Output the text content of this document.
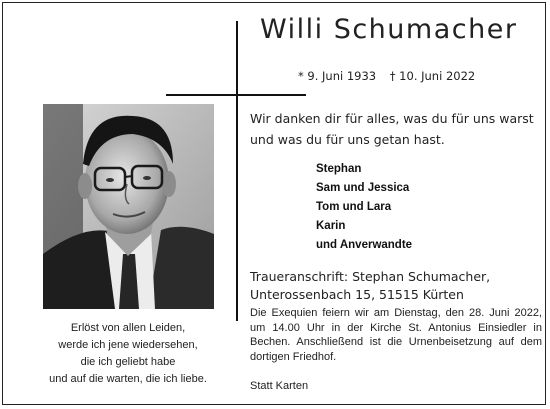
Willi Schumacher
* 9. Juni 1933 † 10. Juni 2022
Wir danken dir für alles, was du für uns warst
und was du für uns getan hast.
Stephan
Sam und Jessica
Tom und Lara
Karin
und Anverwandte
Traueranschrift: Stephan Schumacher,
Unterossenbach 15, 51515 Kürten
Die Exequien feiern wir am Dienstag, den 28. Juni 2022, um 14.00 Uhr in der Kirche St. Antonius Einsiedler in Bechen. Anschließend ist die Urnenbeisetzung auf dem dortigen Friedhof.
Statt Karten
Erlöst von allen Leiden,
werde ich jene wiedersehen,
die ich geliebt habe
und auf die warten, die ich liebe.
